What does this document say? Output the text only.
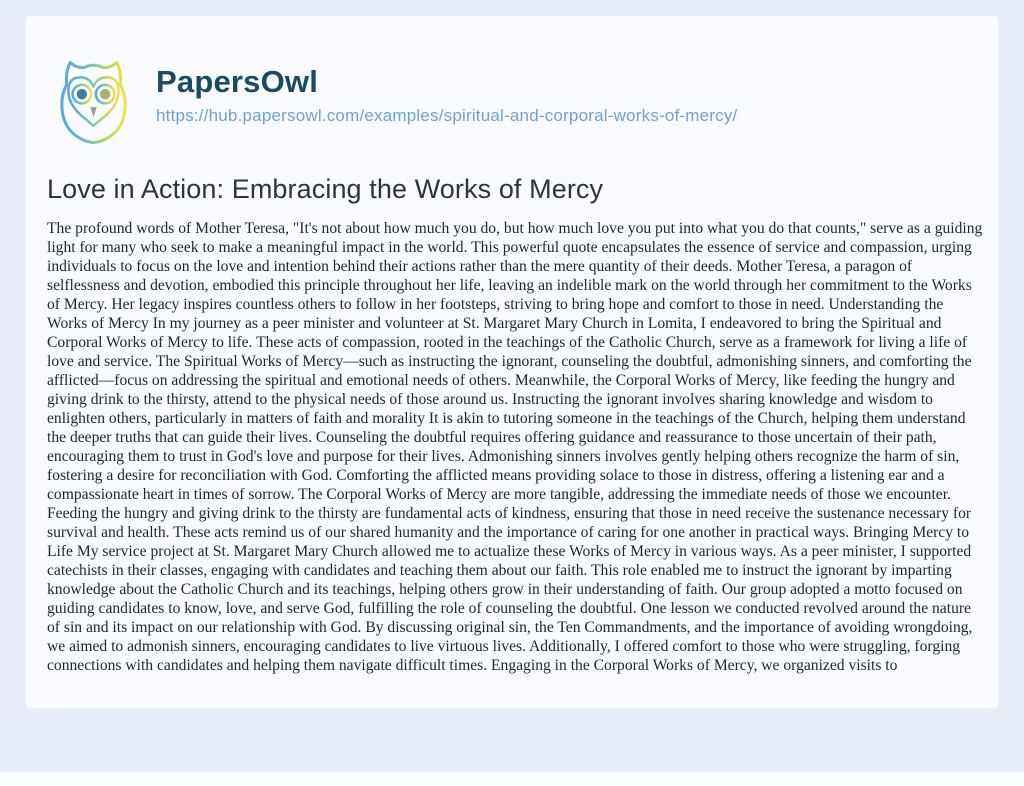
PapersOwl
https://hub.papersowl.com/examples/spiritual-and-corporal-works-of-mercy/
Love in Action: Embracing the Works of Mercy

The profound words of Mother Teresa, "It's not about how much you do, but how much love you put into what you do that counts," serve as a guiding light for many who seek to make a meaningful impact in the world. This powerful quote encapsulates the essence of service and compassion, urging individuals to focus on the love and intention behind their actions rather than the mere quantity of their deeds. Mother Teresa, a paragon of selflessness and devotion, embodied this principle throughout her life, leaving an indelible mark on the world through her commitment to the Works of Mercy. Her legacy inspires countless others to follow in her footsteps, striving to bring hope and comfort to those in need. Understanding the Works of Mercy In my journey as a peer minister and volunteer at St. Margaret Mary Church in Lomita, I endeavored to bring the Spiritual and Corporal Works of Mercy to life. These acts of compassion, rooted in the teachings of the Catholic Church, serve as a framework for living a life of love and service. The Spiritual Works of Mercy—such as instructing the ignorant, counseling the doubtful, admonishing sinners, and comforting the afflicted—focus on addressing the spiritual and emotional needs of others. Meanwhile, the Corporal Works of Mercy, like feeding the hungry and giving drink to the thirsty, attend to the physical needs of those around us. Instructing the ignorant involves sharing knowledge and wisdom to enlighten others, particularly in matters of faith and morality It is akin to tutoring someone in the teachings of the Church, helping them understand the deeper truths that can guide their lives. Counseling the doubtful requires offering guidance and reassurance to those uncertain of their path, encouraging them to trust in God's love and purpose for their lives. Admonishing sinners involves gently helping others recognize the harm of sin, fostering a desire for reconciliation with God. Comforting the afflicted means providing solace to those in distress, offering a listening ear and a compassionate heart in times of sorrow. The Corporal Works of Mercy are more tangible, addressing the immediate needs of those we encounter. Feeding the hungry and giving drink to the thirsty are fundamental acts of kindness, ensuring that those in need receive the sustenance necessary for survival and health. These acts remind us of our shared humanity and the importance of caring for one another in practical ways. Bringing Mercy to Life My service project at St. Margaret Mary Church allowed me to actualize these Works of Mercy in various ways. As a peer minister, I supported catechists in their classes, engaging with candidates and teaching them about our faith. This role enabled me to instruct the ignorant by imparting knowledge about the Catholic Church and its teachings, helping others grow in their understanding of faith. Our group adopted a motto focused on guiding candidates to know, love, and serve God, fulfilling the role of counseling the doubtful. One lesson we conducted revolved around the nature of sin and its impact on our relationship with God. By discussing original sin, the Ten Commandments, and the importance of avoiding wrongdoing, we aimed to admonish sinners, encouraging candidates to live virtuous lives. Additionally, I offered comfort to those who were struggling, forging connections with candidates and helping them navigate difficult times. Engaging in the Corporal Works of Mercy, we organized visits to
